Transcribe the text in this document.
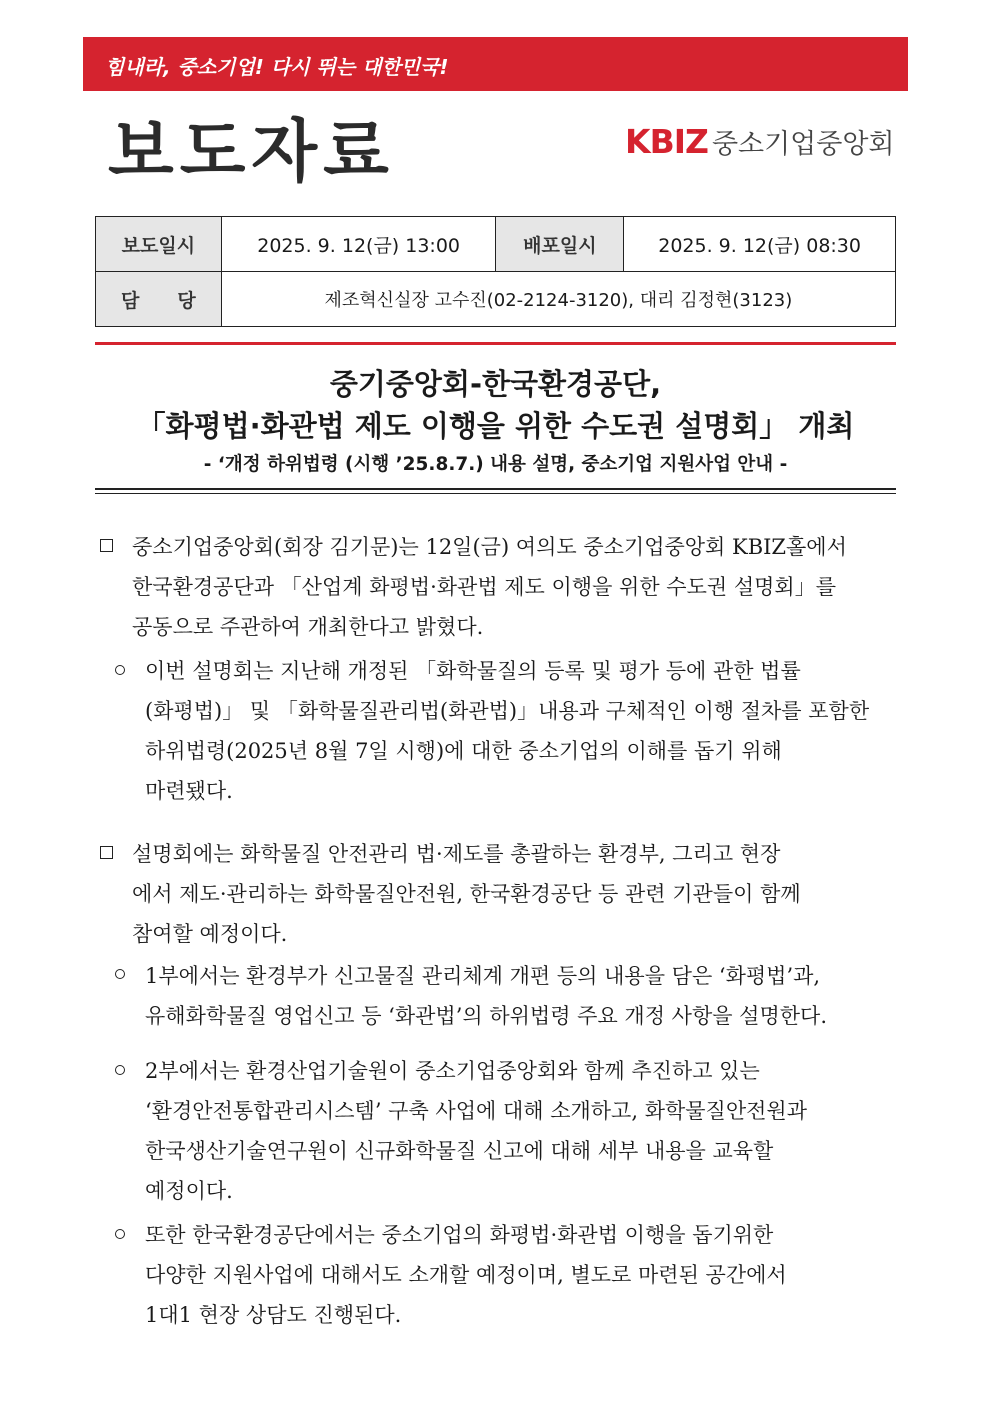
힘내라, 중소기업! 다시 뛰는 대한민국!
보도자료	KBIZ 중소기업중앙회
보도일시	2025. 9. 12(금) 13:00	배포일시	2025. 9. 12(금) 08:30
담　　당	제조혁신실장 고수진(02-2124-3120), 대리 김정현(3123)		
중기중앙회-한국환경공단,
「화평법·화관법 제도 이행을 위한 수도권 설명회」 개최
- ‘개정 하위법령 (시행 ’25.8.7.) 내용 설명, 중소기업 지원사업 안내 -
중소기업중앙회(회장 김기문)는 12일(금) 여의도 중소기업중앙회 KBIZ홀에서
한국환경공단과 「산업계 화평법·화관법 제도 이행을 위한 수도권 설명회」를
공동으로 주관하여 개최한다고 밝혔다.
이번 설명회는 지난해 개정된 「화학물질의 등록 및 평가 등에 관한 법률
(화평법)」 및 「화학물질관리법(화관법)」내용과 구체적인 이행 절차를 포함한
하위법령(2025년 8월 7일 시행)에 대한 중소기업의 이해를 돕기 위해
마련됐다.
설명회에는 화학물질 안전관리 법·제도를 총괄하는 환경부, 그리고 현장
에서 제도·관리하는 화학물질안전원, 한국환경공단 등 관련 기관들이 함께
참여할 예정이다.
1부에서는 환경부가 신고물질 관리체계 개편 등의 내용을 담은 ‘화평법’과,
유해화학물질 영업신고 등 ‘화관법’의 하위법령 주요 개정 사항을 설명한다.
2부에서는 환경산업기술원이 중소기업중앙회와 함께 추진하고 있는
‘환경안전통합관리시스템’ 구축 사업에 대해 소개하고, 화학물질안전원과
한국생산기술연구원이 신규화학물질 신고에 대해 세부 내용을 교육할
예정이다.
또한 한국환경공단에서는 중소기업의 화평법·화관법 이행을 돕기위한
다양한 지원사업에 대해서도 소개할 예정이며, 별도로 마련된 공간에서
1대1 현장 상담도 진행된다.
